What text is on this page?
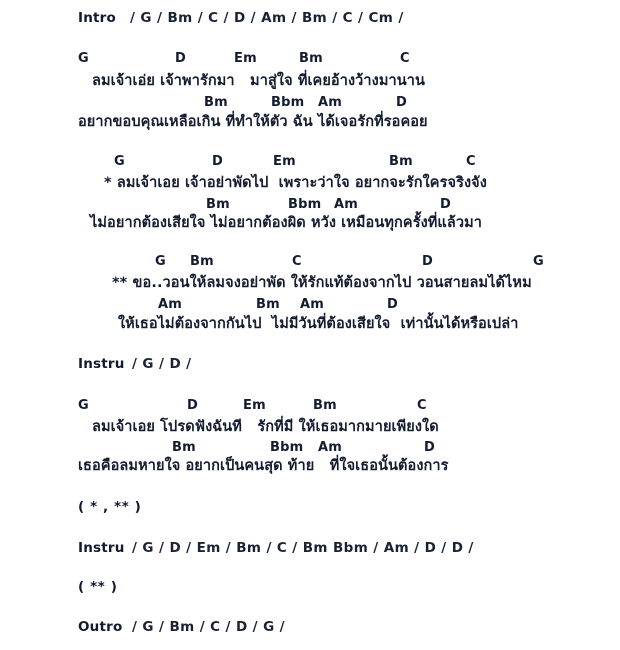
Intro / G / Bm / C / D / Am / Bm / C / Cm /
G	D	Em	Bm	C
ลมเจ้าเอ่ย เจ้าพารักมา   มาสู่ใจ ที่เคยอ้างว้างมานาน
Bm	Bbm Am	D
อยากขอบคุณเหลือเกิน ที่ทำให้ตัว ฉัน ได้เจอรักที่รอคอย
G	D	Em	Bm	C
* ลมเจ้าเอย เจ้าอย่าพัดไป  เพราะว่าใจ อยากจะรักใครจริงจัง
Bm	Bbm Am	D
ไม่อยากต้องเสียใจ ไม่อยากต้องผิด หวัง เหมือนทุกครั้งที่แล้วมา
G Bm	C	D	G
** ขอ..วอนให้ลมจงอย่าพัด ให้รักแท้ต้องจากไป วอนสายลมได้ไหม
Am	Bm Am	D
ให้เธอไม่ต้องจากกันไป  ไม่มีวันที่ต้องเสียใจ  เท่านั้นได้หรือเปล่า
Instru / G / D /
G	D	Em	Bm	C
ลมเจ้าเอย โปรดฟังฉันที   รักที่มี ให้เธอมากมายเพียงใด
Bm	Bbm Am	D
เธอคือลมหายใจ อยากเป็นคนสุด ท้าย   ที่ใจเธอนั้นต้องการ
( * , ** )
Instru / G / D / Em / Bm / C / Bm Bbm / Am / D / D /
( ** )
Outro / G / Bm / C / D / G /
